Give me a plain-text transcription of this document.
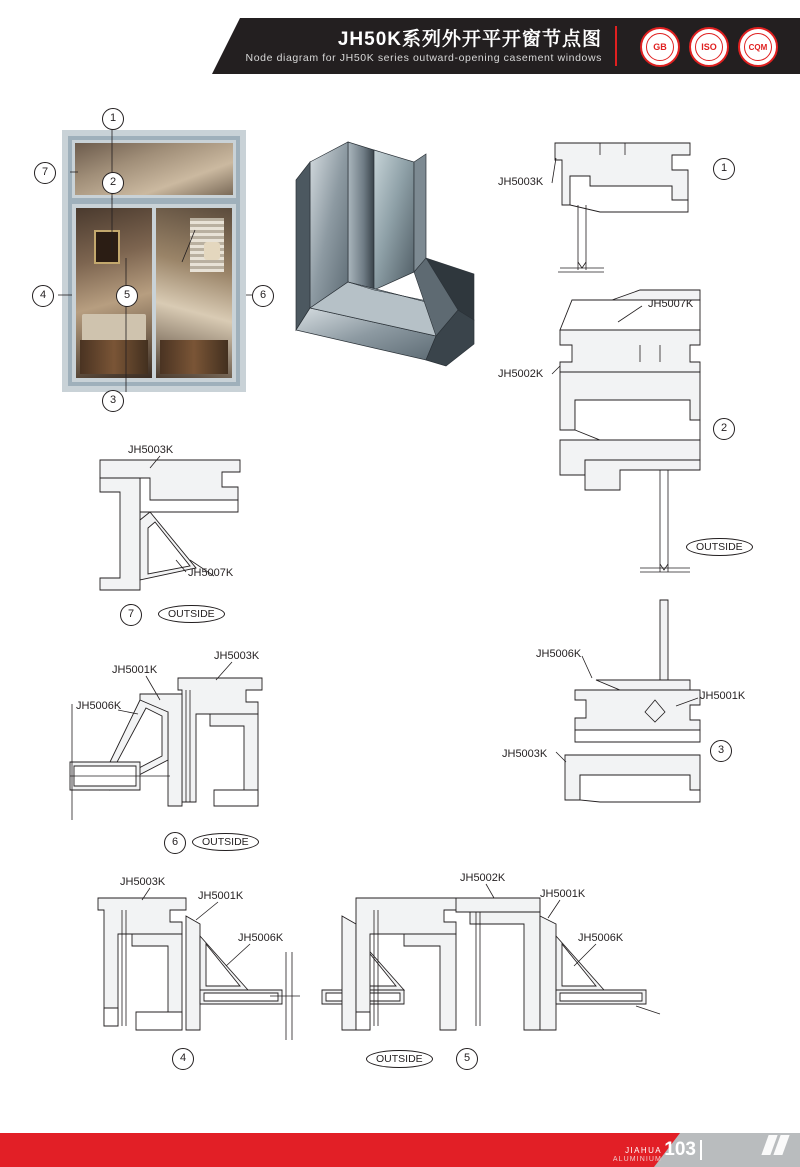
JH50K系列外开平开窗节点图
Node diagram for JH50K series outward-opening casement windows
GB	ISO	CQM
1
7
2
4	5	6
3
JH5003K
1
JH5007K
JH5002K
2
OUTSIDE
JH5006K
JH5001K
JH5003K	3
JH5003K
JH5007K
7	OUTSIDE
JH5003K
JH5001K
JH5006K
6	OUTSIDE
JH5003K
JH5001K
JH5006K
4
JH5002K
JH5001K
JH5006K
OUTSIDE	5
JIAHUA
ALUMINIUM 103
